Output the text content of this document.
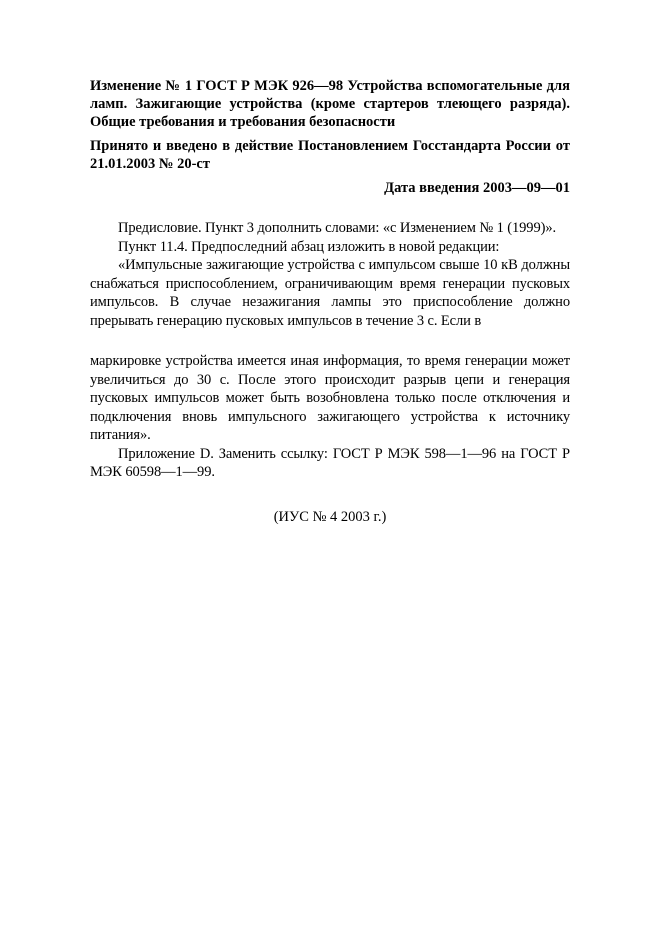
Изменение № 1 ГОСТ Р МЭК 926—98 Устройства вспомогательные для ламп. Зажигающие устройства (кроме стартеров тлеющего разряда). Общие требования и требования безопасности

Принято и введено в действие Постановлением Госстандарта России от 21.01.2003 № 20-ст

Дата введения 2003—09—01

Предисловие. Пункт 3 дополнить словами: «с Изменением № 1 (1999)».

Пункт 11.4. Предпоследний абзац изложить в новой редакции:

«Импульсные зажигающие устройства с импульсом свыше 10 кВ должны снабжаться приспособлением, ограничивающим время генерации пусковых импульсов. В случае незажигания лампы это приспособление должно прерывать генерацию пусковых импульсов в течение 3 с. Если в

маркировке устройства имеется иная информация, то время генерации может увеличиться до 30 с. После этого происходит разрыв цепи и генерация пусковых импульсов может быть возобновлена только после отключения и подключения вновь импульсного зажигающего устройства к источнику питания».

Приложение D. Заменить ссылку: ГОСТ Р МЭК 598—1—96 на ГОСТ Р МЭК 60598—1—99.

(ИУС № 4 2003 г.)
